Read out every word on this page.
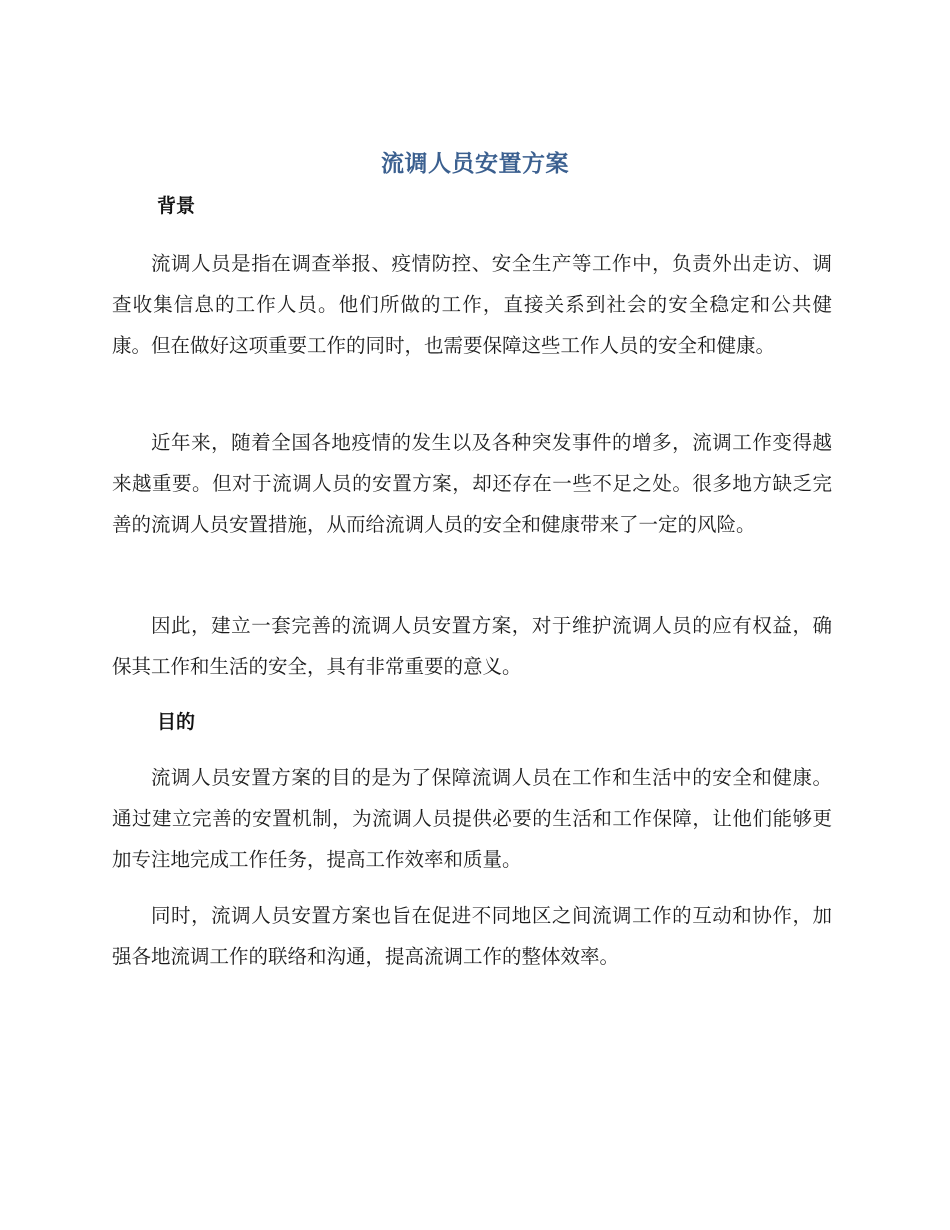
流调人员安置方案
背景
流调人员是指在调查举报、疫情防控、安全生产等工作中，负责外出走访、调查收集信息的工作人员。他们所做的工作，直接关系到社会的安全稳定和公共健康。但在做好这项重要工作的同时，也需要保障这些工作人员的安全和健康。
近年来，随着全国各地疫情的发生以及各种突发事件的增多，流调工作变得越来越重要。但对于流调人员的安置方案，却还存在一些不足之处。很多地方缺乏完善的流调人员安置措施，从而给流调人员的安全和健康带来了一定的风险。
因此，建立一套完善的流调人员安置方案，对于维护流调人员的应有权益，确保其工作和生活的安全，具有非常重要的意义。
目的
流调人员安置方案的目的是为了保障流调人员在工作和生活中的安全和健康。通过建立完善的安置机制，为流调人员提供必要的生活和工作保障，让他们能够更加专注地完成工作任务，提高工作效率和质量。
同时，流调人员安置方案也旨在促进不同地区之间流调工作的互动和协作，加强各地流调工作的联络和沟通，提高流调工作的整体效率。
